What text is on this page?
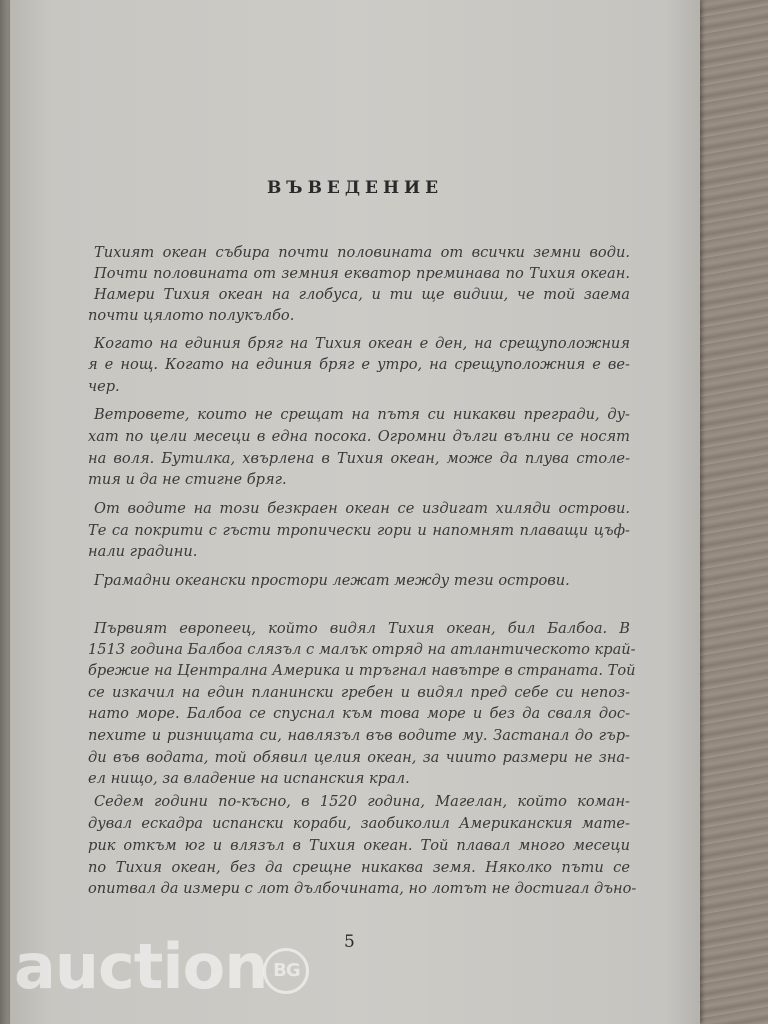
ВЪВЕДЕНИЕ
Тихият океан събира почти половината от всички земни води.
Почти половината от земния екватор преминава по Тихия океан.
Намери Тихия океан на глобуса, и ти ще видиш, че той заема
почти цялото полукълбо.
Когато на единия бряг на Тихия океан е ден, на срещуположния
я е нощ. Когато на единия бряг е утро, на срещуположния е ве-
чер.
Ветровете, които не срещат на пътя си никакви прегради, ду-
хат по цели месеци в една посока. Огромни дълги вълни се носят
на воля. Бутилка, хвърлена в Тихия океан, може да плува столе-
тия и да не стигне бряг.
От водите на този безкраен океан се издигат хиляди острови.
Те са покрити с гъсти тропически гори и напомнят плаващи цъф-
нали градини.
Грамадни океански простори лежат между тези острови.
Първият европеец, който видял Тихия океан, бил Балбоа. В
1513 година Балбоа слязъл с малък отряд на атлантическото край-
брежие на Централна Америка и тръгнал навътре в страната. Той
се изкачил на един планински гребен и видял пред себе си непоз-
нато море. Балбоа се спуснал към това море и без да сваля дос-
пехите и ризницата си, навлязъл във водите му. Застанал до гър-
ди във водата, той обявил целия океан, за чиито размери не зна-
ел нищо, за владение на испанския крал.
Седем години по-късно, в 1520 година, Магелан, който коман-
дувал ескадра испански кораби, заобиколил Американския мате-
рик откъм юг и влязъл в Тихия океан. Той плавал много месеци
по Тихия океан, без да срещне никаква земя. Няколко пъти се
опитвал да измери с лот дълбочината, но лотът не достигал дъно-
5
auction BG
